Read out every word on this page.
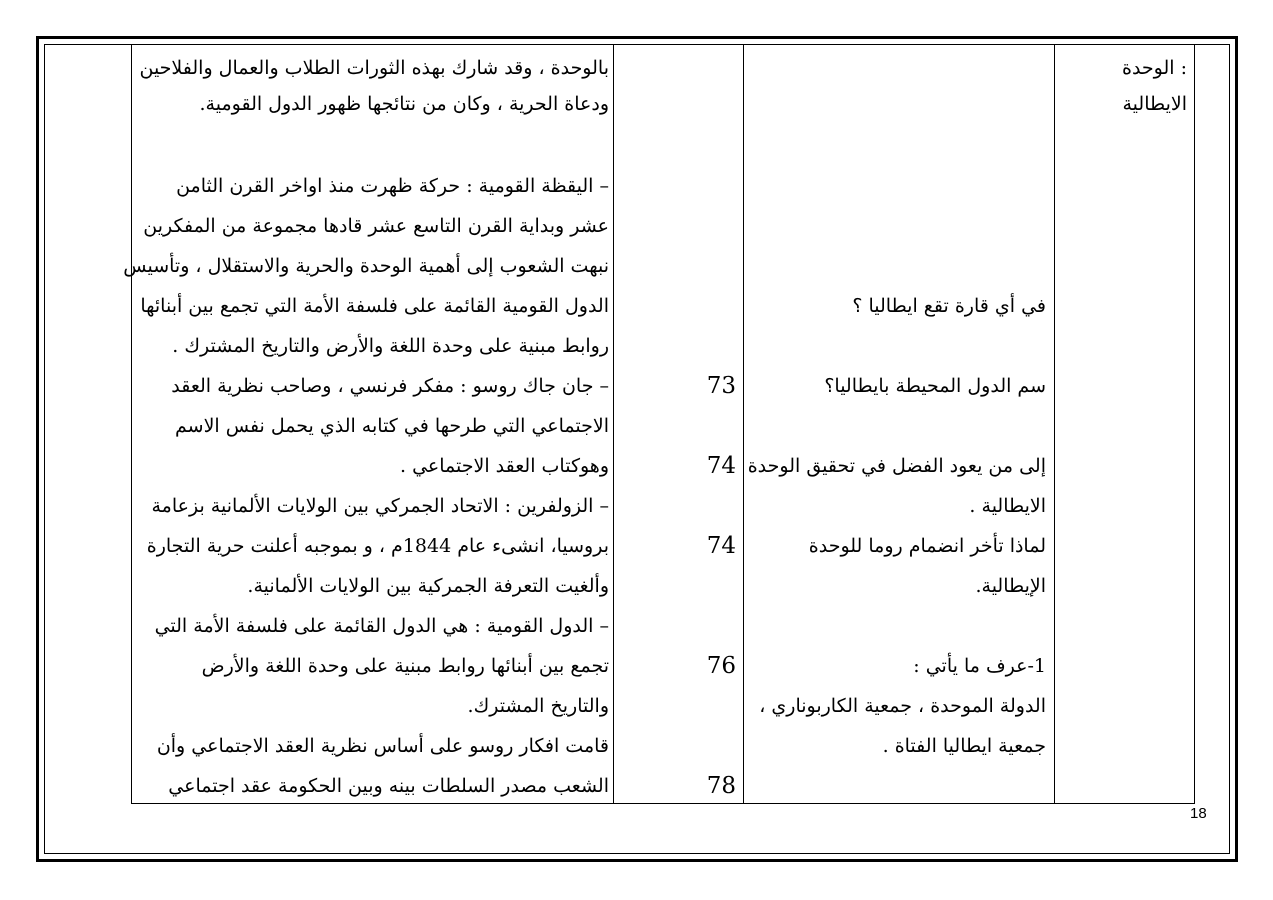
: الوحدة
الايطالية
في أي قارة تقع ايطاليا ؟
سم الدول المحيطة بايطاليا؟
إلى من يعود الفضل في تحقيق الوحدة
الايطالية .
لماذا تأخر انضمام روما للوحدة
الإيطالية.
1-عرف ما يأتي :
الدولة الموحدة ، جمعية الكاربوناري ،
جمعية ايطاليا الفتاة .
73
74
74
76
78
بالوحدة ، وقد شارك بهذه الثورات الطلاب والعمال والفلاحين
ودعاة الحرية ، وكان من نتائجها ظهور الدول القومية.
– اليقظة القومية : حركة ظهرت منذ اواخر القرن الثامن
عشر وبداية القرن التاسع عشر قادها مجموعة من المفكرين
نبهت الشعوب إلى أهمية الوحدة والحرية والاستقلال ، وتأسيس
الدول القومية القائمة على فلسفة الأمة التي تجمع بين أبنائها
روابط مبنية على وحدة اللغة والأرض والتاريخ المشترك .
– جان جاك روسو : مفكر فرنسي ، وصاحب نظرية العقد
الاجتماعي التي طرحها في كتابه الذي يحمل نفس الاسم
وهوكتاب العقد الاجتماعي .
– الزولفرين : الاتحاد الجمركي بين الولايات الألمانية بزعامة
بروسيا، انشىء عام 1844م ، و بموجبه أعلنت حرية التجارة
وألغيت التعرفة الجمركية بين الولايات الألمانية.
– الدول القومية : هي الدول القائمة على فلسفة الأمة التي
تجمع بين أبنائها روابط مبنية على وحدة اللغة والأرض
والتاريخ المشترك.
قامت افكار روسو على أساس نظرية العقد الاجتماعي وأن
الشعب مصدر السلطات بينه وبين الحكومة عقد اجتماعي
18
